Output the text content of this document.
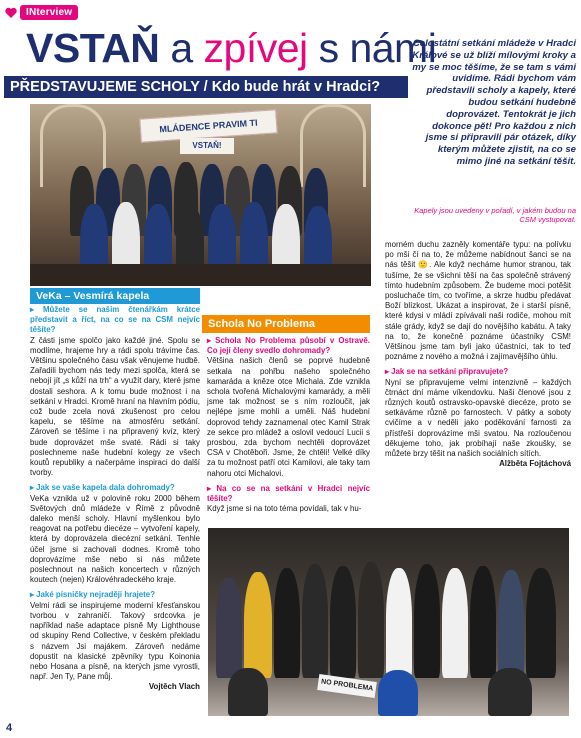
INterview
VSTAŇ a zpívej s námi
PŘEDSTAVUJEME SCHOLY / Kdo bude hrát v Hradci?
Celostátní setkání mládeže v Hradci Králové se už blíží mílovými kroky a my se moc těšíme, že se tam s vámi uvidíme. Rádi bychom vám představili scholy a kapely, které budou setkání hudebně doprovázet. Tentokrát je jich dokonce pět! Pro každou z nich jsme si připravili pár otázek, díky kterým můžete zjistit, na co se mimo jiné na setkání těšit.
Kapely jsou uvedeny v pořadí, v jakém budou na CSM vystupovat.
MLÁDENCE PRAVIM TI
VSTAŇ!
VeKa – Vesmírá kapela

▸ Můžete se našim čtenářkám krátce představit a říct, na co se na CSM nejvíc těšíte?

Z části jsme spolčo jako každé jiné. Spolu se modlíme, hrajeme hry a rádi spolu trávíme čas. Většinu společného času však věnujeme hudbě. Zařadili bychom nás tedy mezi spolča, která se nebojí jít „s kůží na trh“ a využít dary, které jsme dostali seshora. A k tomu bude možnost i na setkání v Hradci. Kromě hraní na hlavním pódiu, což bude zcela nová zkušenost pro celou kapelu, se těšíme na atmosféru setkání. Zároveň se těšíme i na připravený kvíz, který bude doprovázet mše svaté. Rádi si taky poslechneme naše hudební kolegy ze všech koutů republiky a načerpáme inspiraci do další tvorby.

▸ Jak se vaše kapela dala dohromady?

VeKa vznikla už v polovině roku 2000 během Světových dnů mládeže v Římě z původně daleko menší scholy. Hlavní myšlenkou bylo reagovat na potřebu diecéze – vytvoření kapely, která by doprovázela diecézní setkání. Tenhle účel jsme si zachovali dodnes. Kromě toho doprovázíme mše nebo si nás můžete poslechnout na našich koncertech v různých koutech (nejen) Královéhradeckého kraje.

▸ Jaké písničky nejraději hrajete?

Velmi rádi se inspirujeme moderní křesťanskou tvorbou v zahraničí. Takový srdcovka je například naše adaptace písně My Lighthouse od skupiny Rend Collective, v českém překladu s názvem Jsi majákem. Zároveň nedáme dopustit na klasické zpěvníky typu Koinonia nebo Hosana a písně, na kterých jsme vyrostli, např. Jen Ty, Pane můj.

Vojtěch Vlach

Schola No Problema

▸ Schola No Problema působí v Ostravě. Co její členy svedlo dohromady?

Většina našich členů se poprvé hudebně setkala na pohřbu našeho společného kamaráda a kněze otce Michala. Zde vznikla schola tvořená Michalovými kamarády, a měli jsme tak možnost se s ním rozloučit, jak nejlépe jsme mohli a uměli. Náš hudební doprovod tehdy zaznamenal otec Kamil Strak ze sekce pro mládež a oslovil vedoucí Lucii s prosbou, zda bychom nechtěli doprovázet CSA v Chotěboři. Jsme, že chtěli! Velké díky za tu možnost patří otci Kamilovi, ale taky tam nahoru otci Michalovi.

▸ Na co se na setkání v Hradci nejvíc těšíte?

Když jsme si na toto téma povídali, tak v hu-

morném duchu zazněly komentáře typu: na polívku po mši či na to, že můžeme nabídnout šanci se na nás těšit 🙂. Ale když necháme humor stranou, tak tušíme, že se všichni těší na čas společně strávený tímto hudebním způsobem. Že budeme moci potěšit posluchače tím, co tvoříme, a skrze hudbu předávat Boží blízkost. Ukázat a inspirovat, že i starší písně, které kdysi v mládí zpívávali naši rodiče, mohou mít stále grády, když se dají do novějšího kabátu. A taky na to, že konečně poznáme účastníky CSM! Většinou jsme tam byli jako účastníci, tak to teď poznáme z nového a možná i zajímavějšího úhlu.

▸ Jak se na setkání připravujete?

Nyní se připravujeme velmi intenzivně – každých čtrnáct dní máme víkendovku. Naši členové jsou z různých koutů ostravsko-opavské diecéze, proto se setkáváme různě po farnostech. V pátky a soboty cvičíme a v neděli jako poděkování farnosti za přístřeší doprovázíme mši svatou. Na rozloučenou děkujeme toho, jak probíhají naše zkoušky, se můžete brzy těšit na našich sociálních sítích.

Alžběta Fojtáchová

NO PROBLEMA
4
